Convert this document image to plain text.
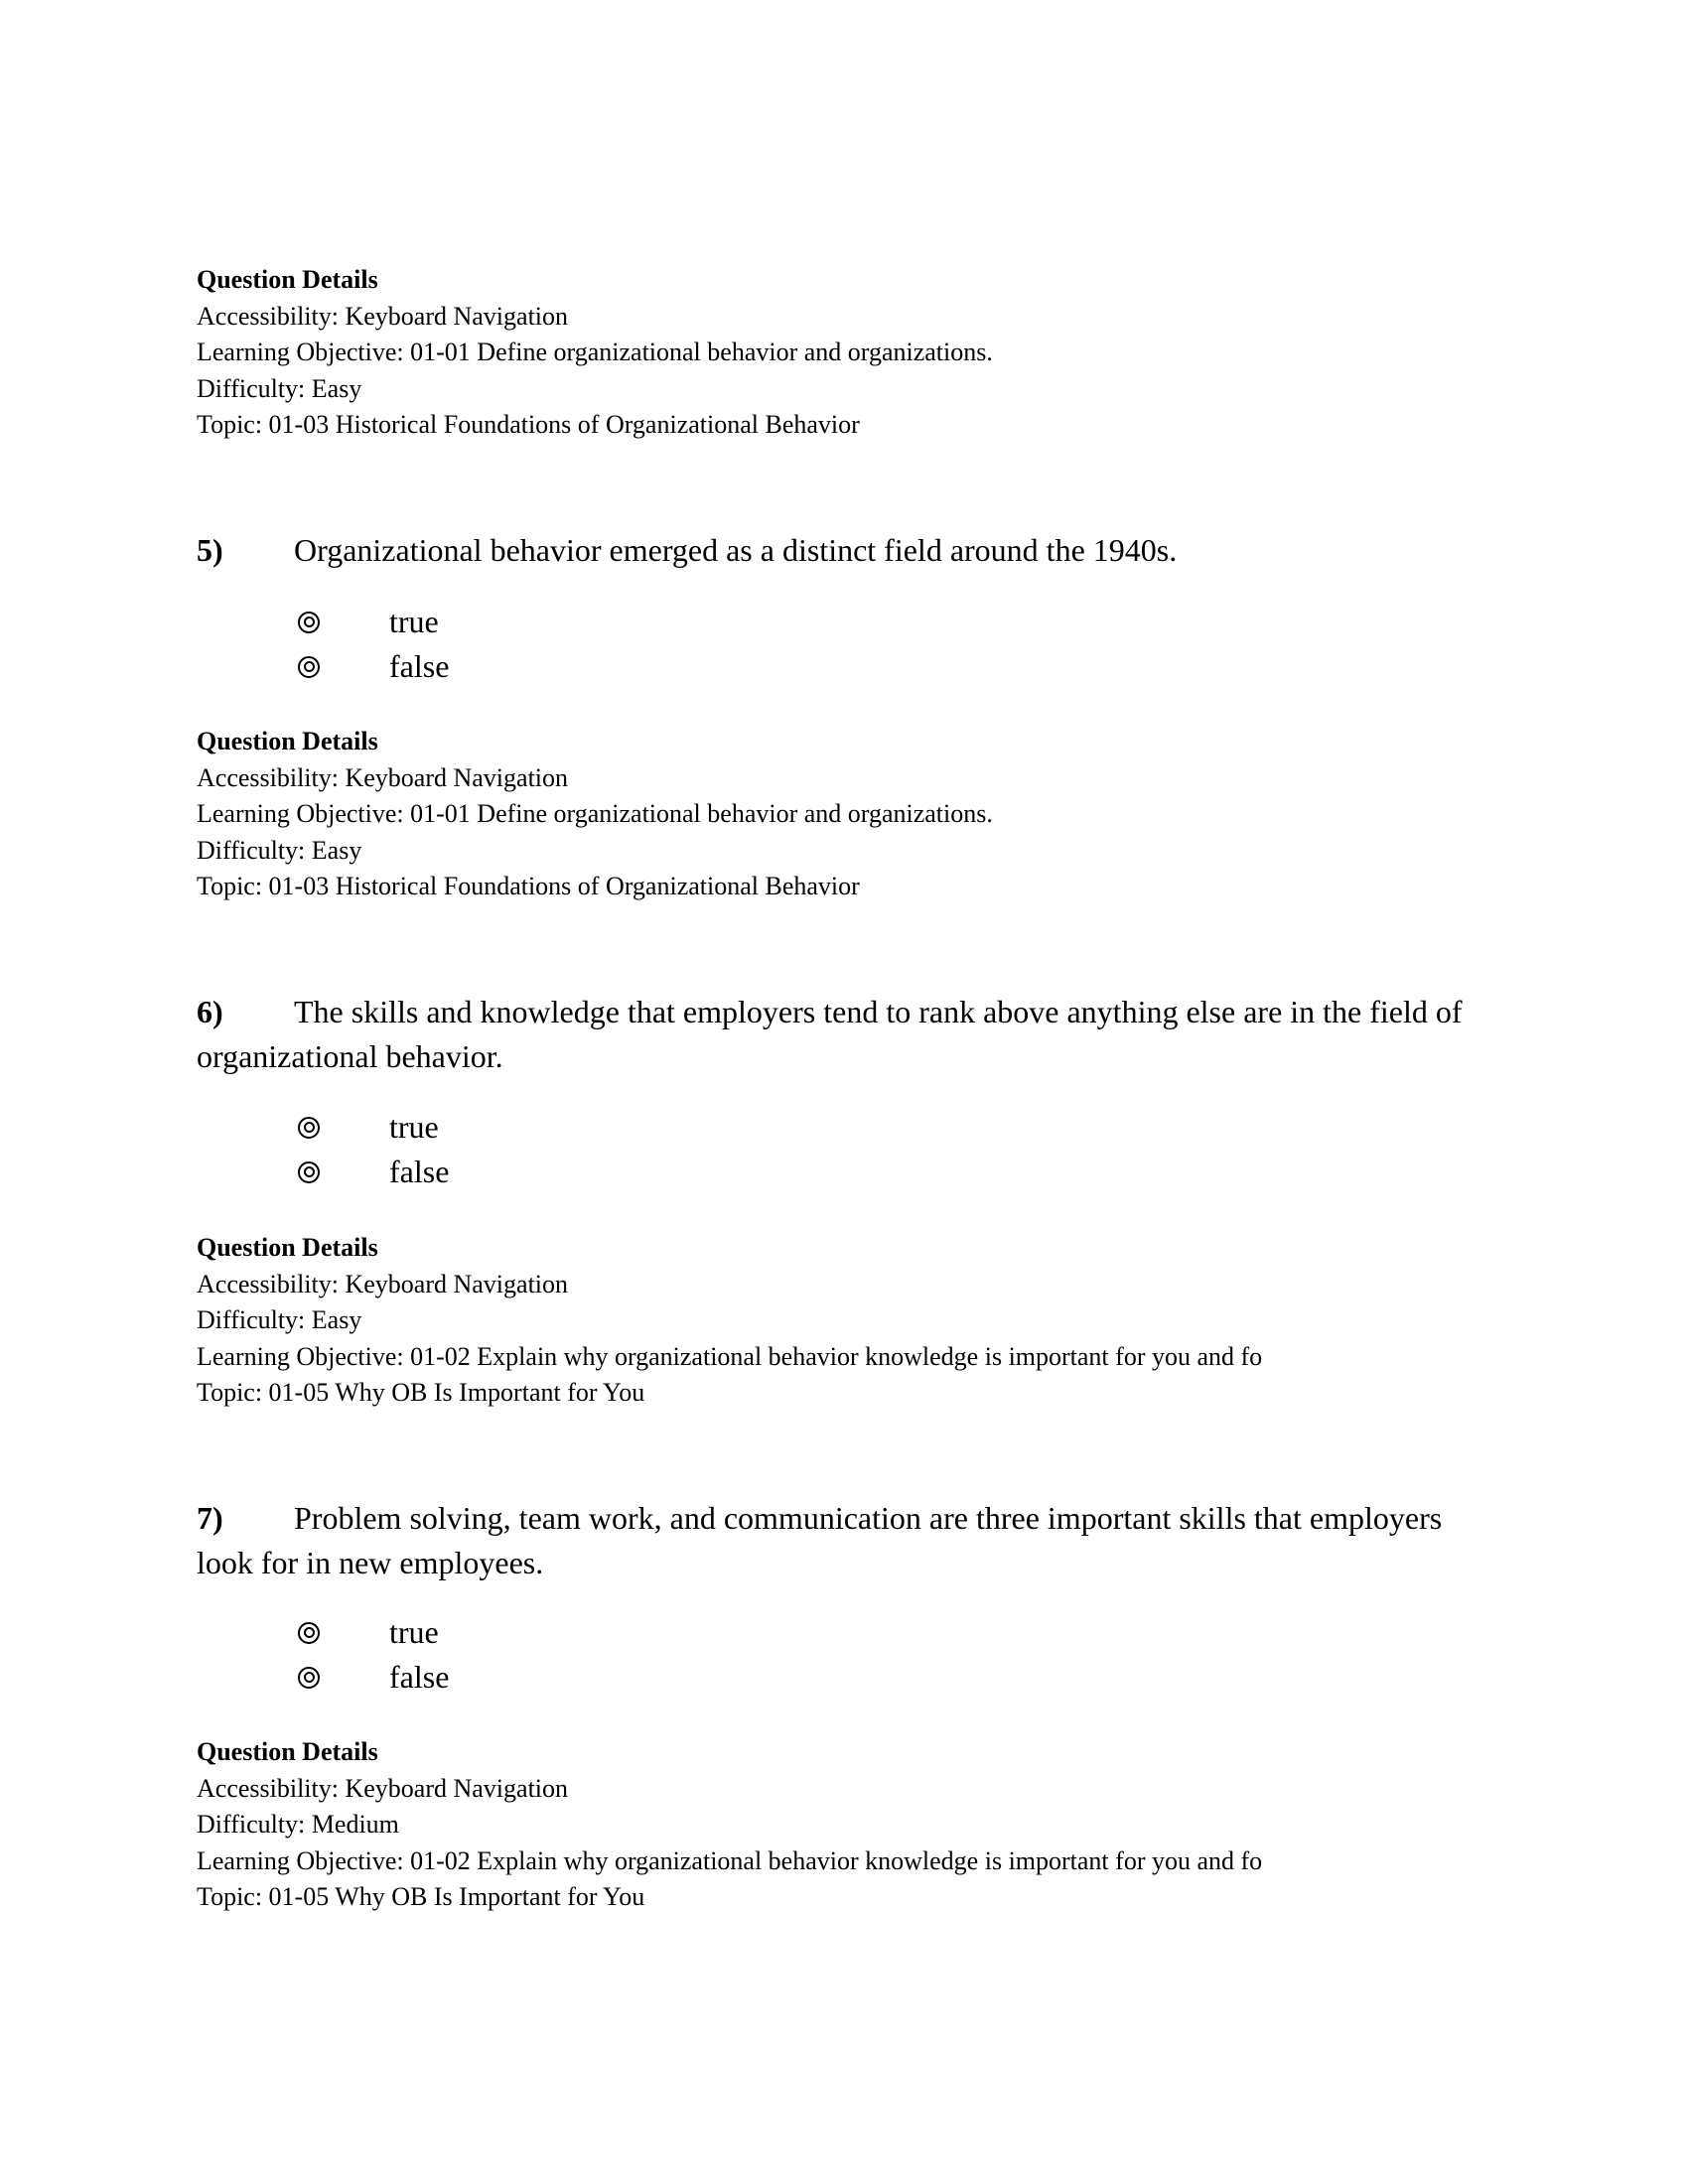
Question Details
Accessibility: Keyboard Navigation
Learning Objective: 01-01 Define organizational behavior and organizations.
Difficulty: Easy
Topic: 01-03 Historical Foundations of Organizational Behavior
5) Organizational behavior emerged as a distinct field around the 1940s.
true
false
Question Details
Accessibility: Keyboard Navigation
Learning Objective: 01-01 Define organizational behavior and organizations.
Difficulty: Easy
Topic: 01-03 Historical Foundations of Organizational Behavior
6) The skills and knowledge that employers tend to rank above anything else are in the field of organizational behavior.
true
false
Question Details
Accessibility: Keyboard Navigation
Difficulty: Easy
Learning Objective: 01-02 Explain why organizational behavior knowledge is important for you and fo
Topic: 01-05 Why OB Is Important for You
7) Problem solving, team work, and communication are three important skills that employers look for in new employees.
true
false
Question Details
Accessibility: Keyboard Navigation
Difficulty: Medium
Learning Objective: 01-02 Explain why organizational behavior knowledge is important for you and fo
Topic: 01-05 Why OB Is Important for You
